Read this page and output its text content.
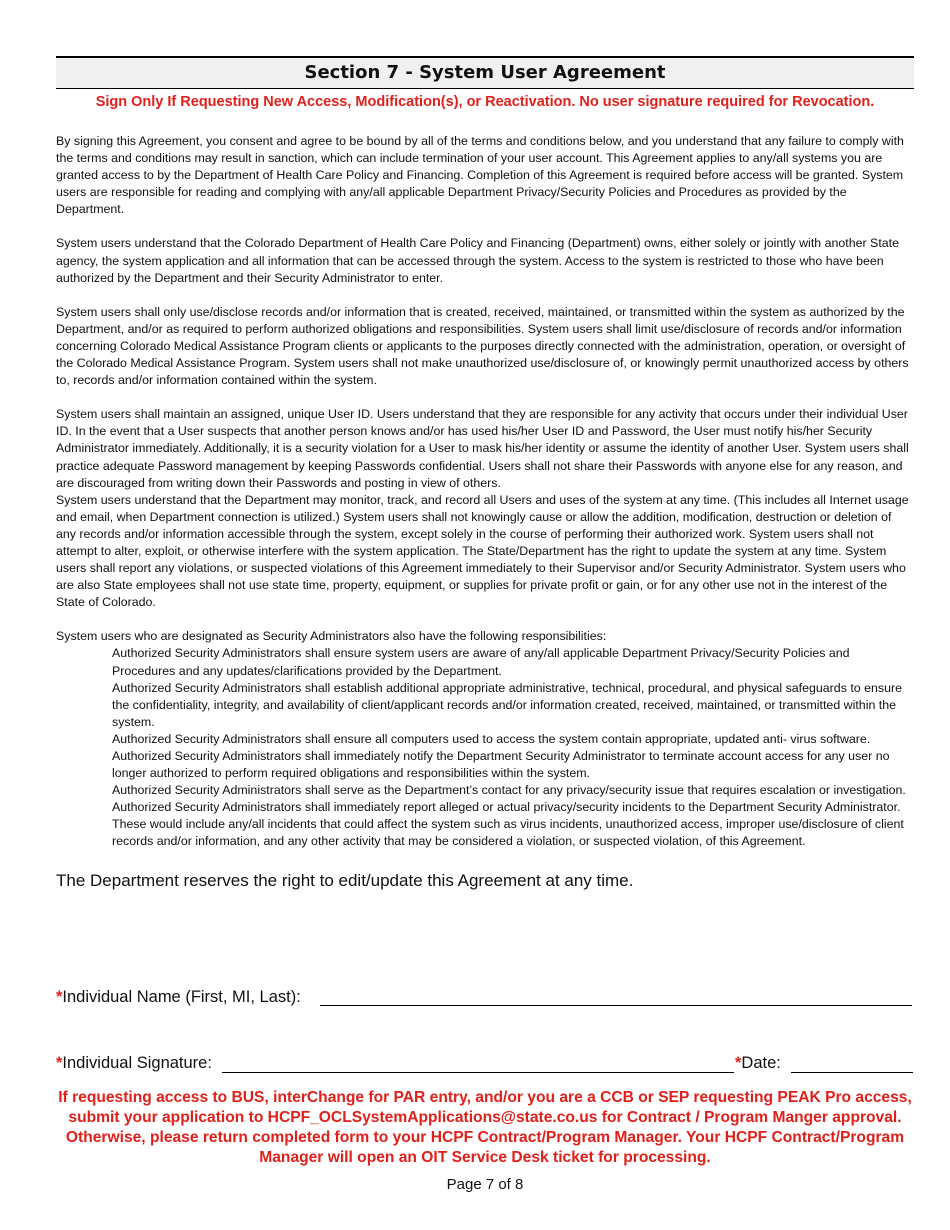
Section 7 - System User Agreement
Sign Only If Requesting New Access, Modification(s), or Reactivation. No user signature required for Revocation.

By signing this Agreement, you consent and agree to be bound by all of the terms and conditions below, and you understand that any failure to comply with the terms and conditions may result in sanction, which can include termination of your user account. This Agreement applies to any/all systems you are granted access to by the Department of Health Care Policy and Financing. Completion of this Agreement is required before access will be granted. System users are responsible for reading and complying with any/all applicable Department Privacy/Security Policies and Procedures as provided by the Department.

System users understand that the Colorado Department of Health Care Policy and Financing (Department) owns, either solely or jointly with another State agency, the system application and all information that can be accessed through the system. Access to the system is restricted to those who have been authorized by the Department and their Security Administrator to enter.

System users shall only use/disclose records and/or information that is created, received, maintained, or transmitted within the system as authorized by the Department, and/or as required to perform authorized obligations and responsibilities. System users shall limit use/disclosure of records and/or information concerning Colorado Medical Assistance Program clients or applicants to the purposes directly connected with the administration, operation, or oversight of the Colorado Medical Assistance Program. System users shall not make unauthorized use/disclosure of, or knowingly permit unauthorized access by others to, records and/or information contained within the system.

System users shall maintain an assigned, unique User ID. Users understand that they are responsible for any activity that occurs under their individual User ID. In the event that a User suspects that another person knows and/or has used his/her User ID and Password, the User must notify his/her Security Administrator immediately. Additionally, it is a security violation for a User to mask his/her identity or assume the identity of another User. System users shall practice adequate Password management by keeping Passwords confidential. Users shall not share their Passwords with anyone else for any reason, and are discouraged from writing down their Passwords and posting in view of others.

System users understand that the Department may monitor, track, and record all Users and uses of the system at any time. (This includes all Internet usage and email, when Department connection is utilized.) System users shall not knowingly cause or allow the addition, modification, destruction or deletion of any records and/or information accessible through the system, except solely in the course of performing their authorized work. System users shall not attempt to alter, exploit, or otherwise interfere with the system application. The State/Department has the right to update the system at any time. System users shall report any violations, or suspected violations of this Agreement immediately to their Supervisor and/or Security Administrator. System users who are also State employees shall not use state time, property, equipment, or supplies for private profit or gain, or for any other use not in the interest of the State of Colorado.

System users who are designated as Security Administrators also have the following responsibilities:

Authorized Security Administrators shall ensure system users are aware of any/all applicable Department Privacy/Security Policies and Procedures and any updates/clarifications provided by the Department.
Authorized Security Administrators shall establish additional appropriate administrative, technical, procedural, and physical safeguards to ensure the confidentiality, integrity, and availability of client/applicant records and/or information created, received, maintained, or transmitted within the system.
Authorized Security Administrators shall ensure all computers used to access the system contain appropriate, updated anti- virus software.
Authorized Security Administrators shall immediately notify the Department Security Administrator to terminate account access for any user no longer authorized to perform required obligations and responsibilities within the system.
Authorized Security Administrators shall serve as the Department’s contact for any privacy/security issue that requires escalation or investigation.
Authorized Security Administrators shall immediately report alleged or actual privacy/security incidents to the Department Security Administrator. These would include any/all incidents that could affect the system such as virus incidents, unauthorized access, improper use/disclosure of client records and/or information, and any other activity that may be considered a violation, or suspected violation, of this Agreement.
The Department reserves the right to edit/update this Agreement at any time.
*Individual Name (First, MI, Last):
*Individual Signature:	*Date:
If requesting access to BUS, interChange for PAR entry, and/or you are a CCB or SEP requesting PEAK Pro access, submit your application to HCPF_OCLSystemApplications@state.co.us for Contract / Program Manger approval. Otherwise, please return completed form to your HCPF Contract/Program Manager. Your HCPF Contract/Program Manager will open an OIT Service Desk ticket for processing.
Page 7 of 8
